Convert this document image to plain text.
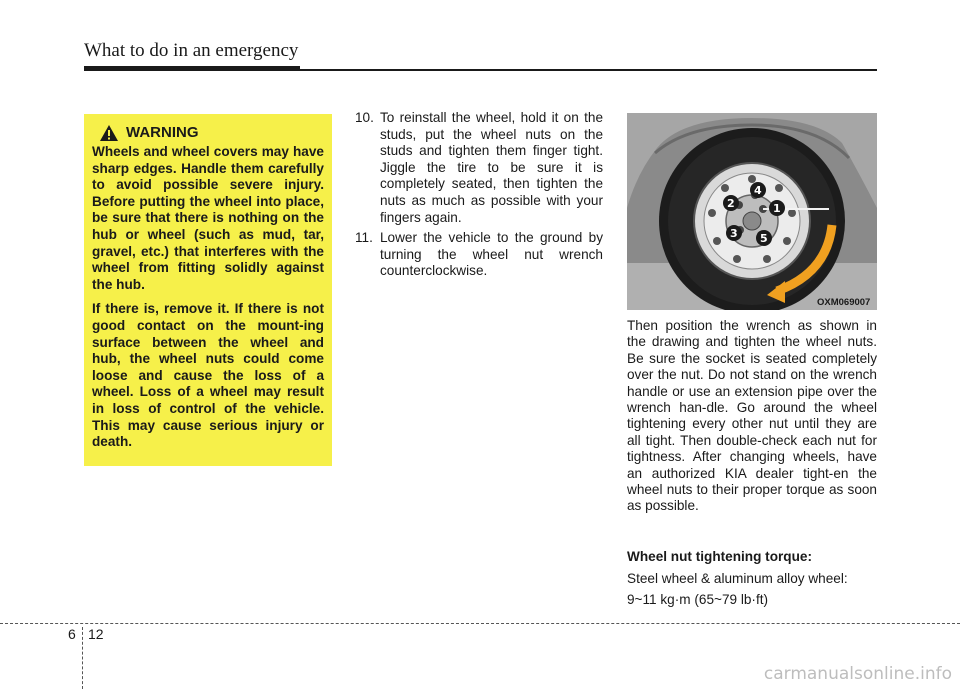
What to do in an emergency
WARNING

Wheels and wheel covers may have sharp edges. Handle them carefully to avoid possible severe injury. Before putting the wheel into place, be sure that there is nothing on the hub or wheel (such as mud, tar, gravel, etc.) that interferes with the wheel from fitting solidly against the hub.

If there is, remove it. If there is not good contact on the mount-ing surface between the wheel and hub, the wheel nuts could come loose and cause the loss of a wheel. Loss of a wheel may result in loss of control of the vehicle. This may cause serious injury or death.

10. To reinstall the wheel, hold it on the studs, put the wheel nuts on the studs and tighten them finger tight. Jiggle the tire to be sure it is completely seated, then tighten the nuts as much as possible with your fingers again.
11. Lower the vehicle to the ground by turning the wheel nut wrench counterclockwise.
1
2
3
4
5
OXM069007

Then position the wrench as shown in the drawing and tighten the wheel nuts. Be sure the socket is seated completely over the nut. Do not stand on the wrench handle or use an extension pipe over the wrench han-dle. Go around the wheel tightening every other nut until they are all tight. Then double-check each nut for tightness. After changing wheels, have an authorized KIA dealer tight-en the wheel nuts to their proper torque as soon as possible.

Wheel nut tightening torque:
Steel wheel & aluminum alloy wheel:
9~11 kg·m (65~79 lb·ft)
6 12
carmanualsonline.info
